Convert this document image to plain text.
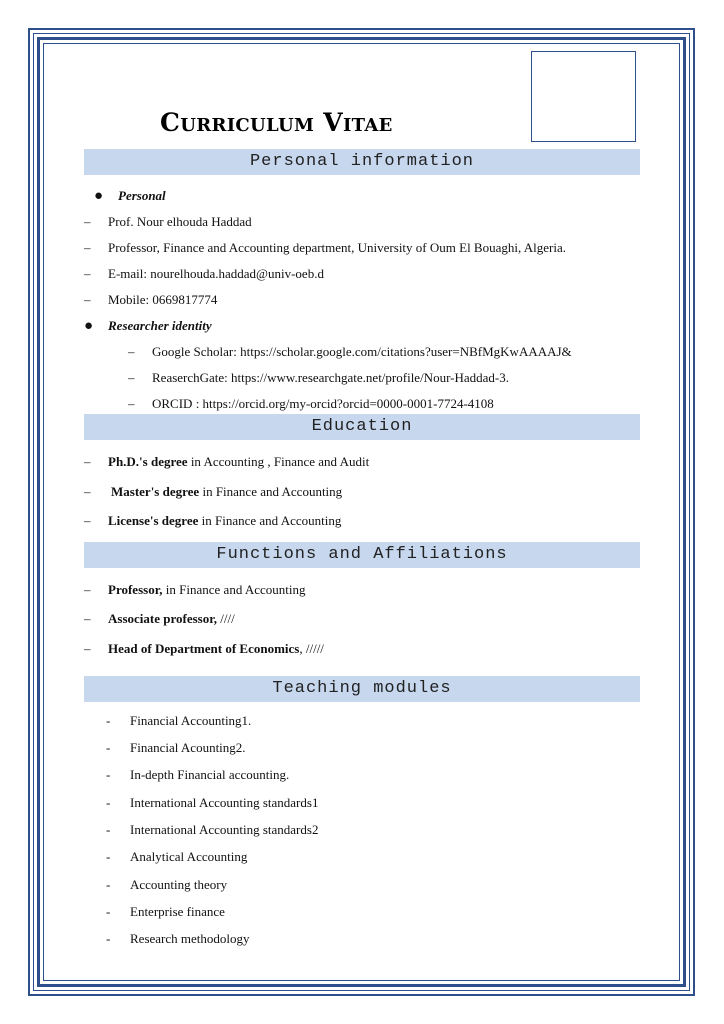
Curriculum Vitae
Personal information
● Personal
– Prof. Nour elhouda Haddad
– Professor, Finance and Accounting department, University of Oum El Bouaghi, Algeria.
– E-mail: nourelhouda.haddad@univ-oeb.d
– Mobile: 0669817774
● Researcher identity
– Google Scholar: https://scholar.google.com/citations?user=NBfMgKwAAAAJ&
– ReaserchGate: https://www.researchgate.net/profile/Nour-Haddad-3.
– ORCID : https://orcid.org/my-orcid?orcid=0000-0001-7724-4108
Education
– Ph.D.'s degree in Accounting , Finance and Audit
– Master's degree in Finance and Accounting
– License's degree in Finance and Accounting
Functions and Affiliations
– Professor, in Finance and Accounting
– Associate professor, ////
– Head of Department of Economics, /////
Teaching modules
- Financial Accounting1.
- Financial Acounting2.
- In-depth Financial accounting.
- International Accounting standards1
- International Accounting standards2
- Analytical Accounting
- Accounting theory
- Enterprise finance
- Research methodology
